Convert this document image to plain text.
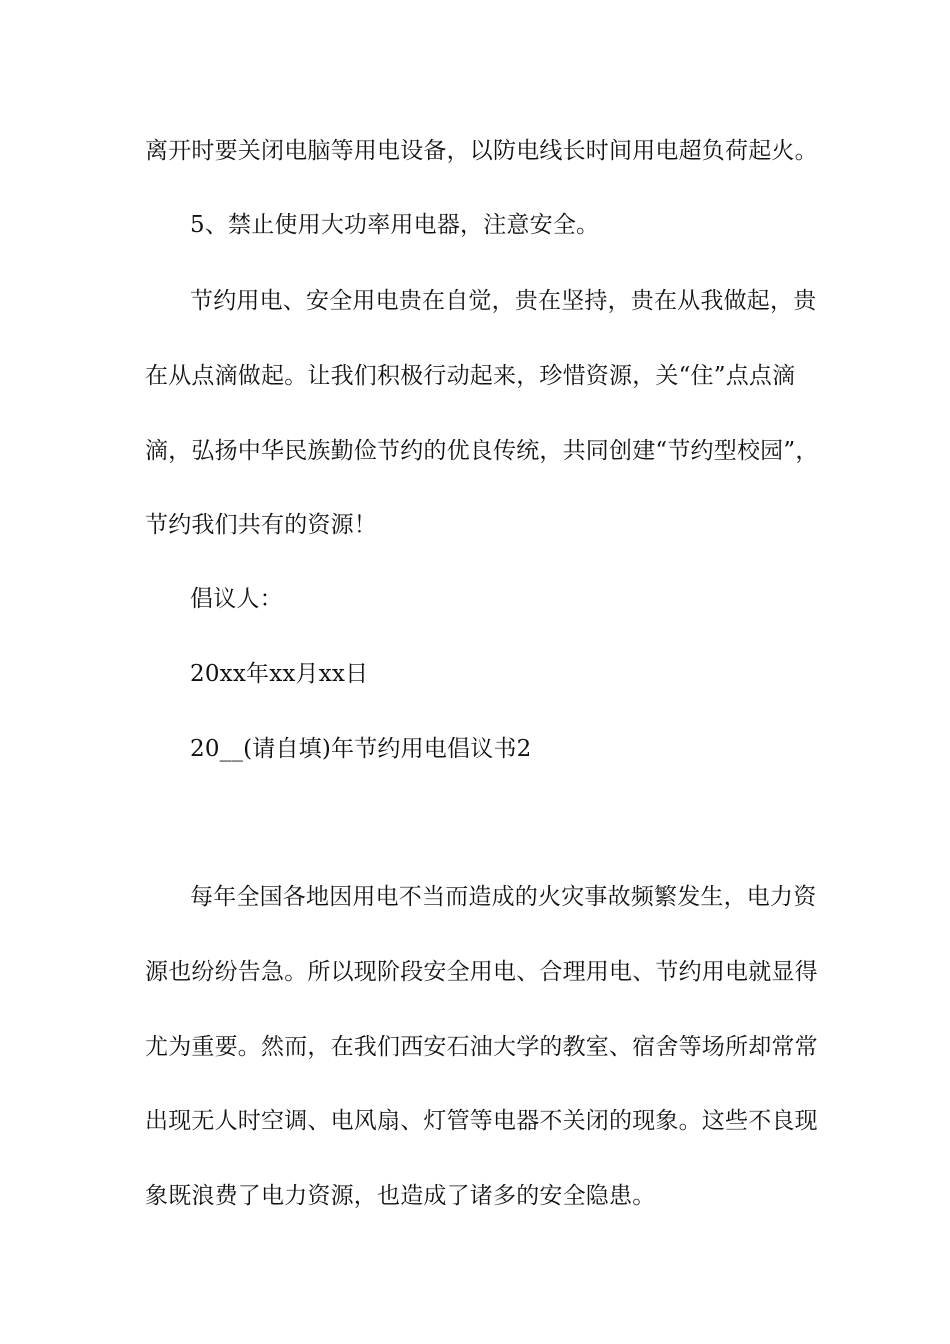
离开时要关闭电脑等用电设备，以防电线长时间用电超负荷起火。
5、禁止使用大功率用电器，注意安全。
节约用电、安全用电贵在自觉，贵在坚持，贵在从我做起，贵
在从点滴做起。让我们积极行动起来，珍惜资源，关“住”点点滴
滴，弘扬中华民族勤俭节约的优良传统，共同创建“节约型校园”，
节约我们共有的资源！
倡议人：
20xx年xx月xx日
20__(请自填)年节约用电倡议书2
每年全国各地因用电不当而造成的火灾事故频繁发生，电力资
源也纷纷告急。所以现阶段安全用电、合理用电、节约用电就显得
尤为重要。然而，在我们西安石油大学的教室、宿舍等场所却常常
出现无人时空调、电风扇、灯管等电器不关闭的现象。这些不良现
象既浪费了电力资源，也造成了诸多的安全隐患。
